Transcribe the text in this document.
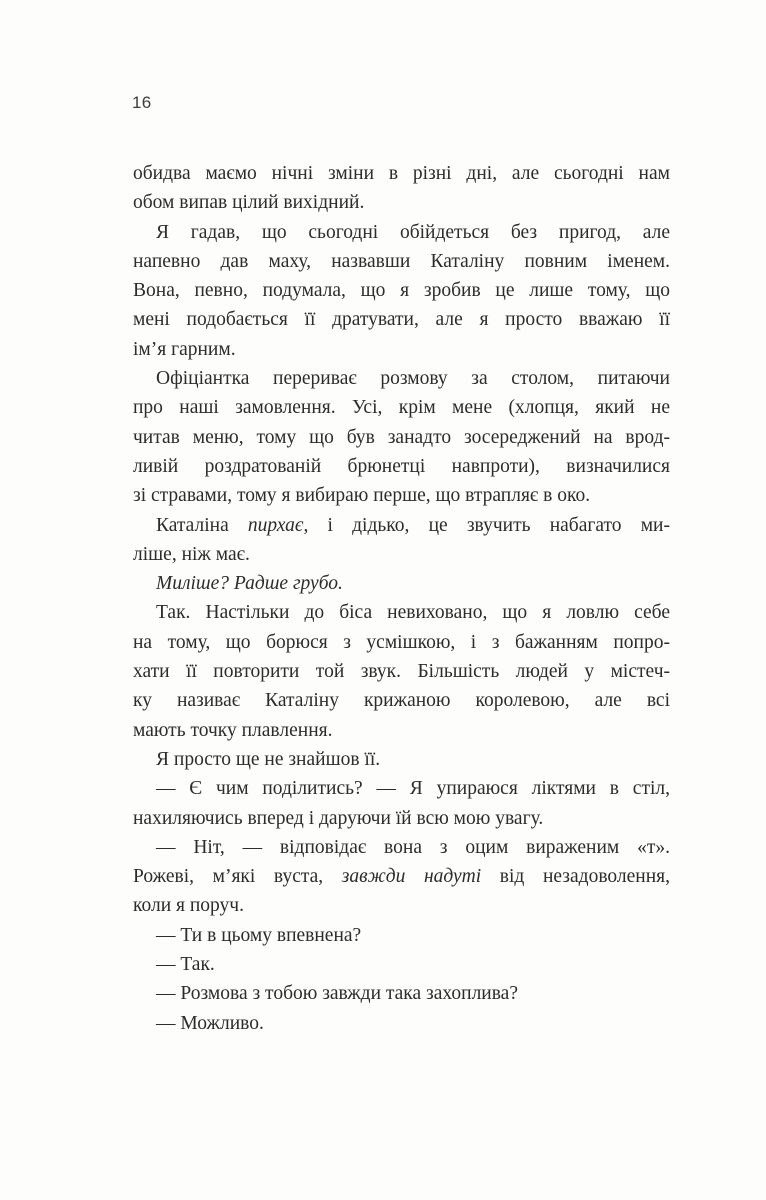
16
обидва маємо нічні зміни в різні дні, але сьогодні нам
обом випав цілий вихідний.
Я гадав, що сьогодні обійдеться без пригод, але
напевно дав маху, назвавши Каталіну повним іменем.
Вона, певно, подумала, що я зробив це лише тому, що
мені подобається її дратувати, але я просто вважаю її
ім’я гарним.
Офіціантка перериває розмову за столом, питаючи
про наші замовлення. Усі, крім мене (хлопця, який не
читав меню, тому що був занадто зосереджений на врод-
ливій роздратованій брюнетці навпроти), визначилися
зі стравами, тому я вибираю перше, що втрапляє в око.
Каталіна пирхає, і дідько, це звучить набагато ми-
ліше, ніж має.
Миліше? Радше грубо.
Так. Настільки до біса невиховано, що я ловлю себе
на тому, що борюся з усмішкою, і з бажанням попро-
хати її повторити той звук. Більшість людей у містеч-
ку називає Каталіну крижаною королевою, але всі
мають точку плавлення.
Я просто ще не знайшов її.
— Є чим поділитись? — Я упираюся ліктями в стіл,
нахиляючись вперед і даруючи їй всю мою увагу.
— Ніт, — відповідає вона з оцим вираженим «т».
Рожеві, м’які вуста, завжди надуті від незадоволення,
коли я поруч.
— Ти в цьому впевнена?
— Так.
— Розмова з тобою завжди така захоплива?
— Можливо.
